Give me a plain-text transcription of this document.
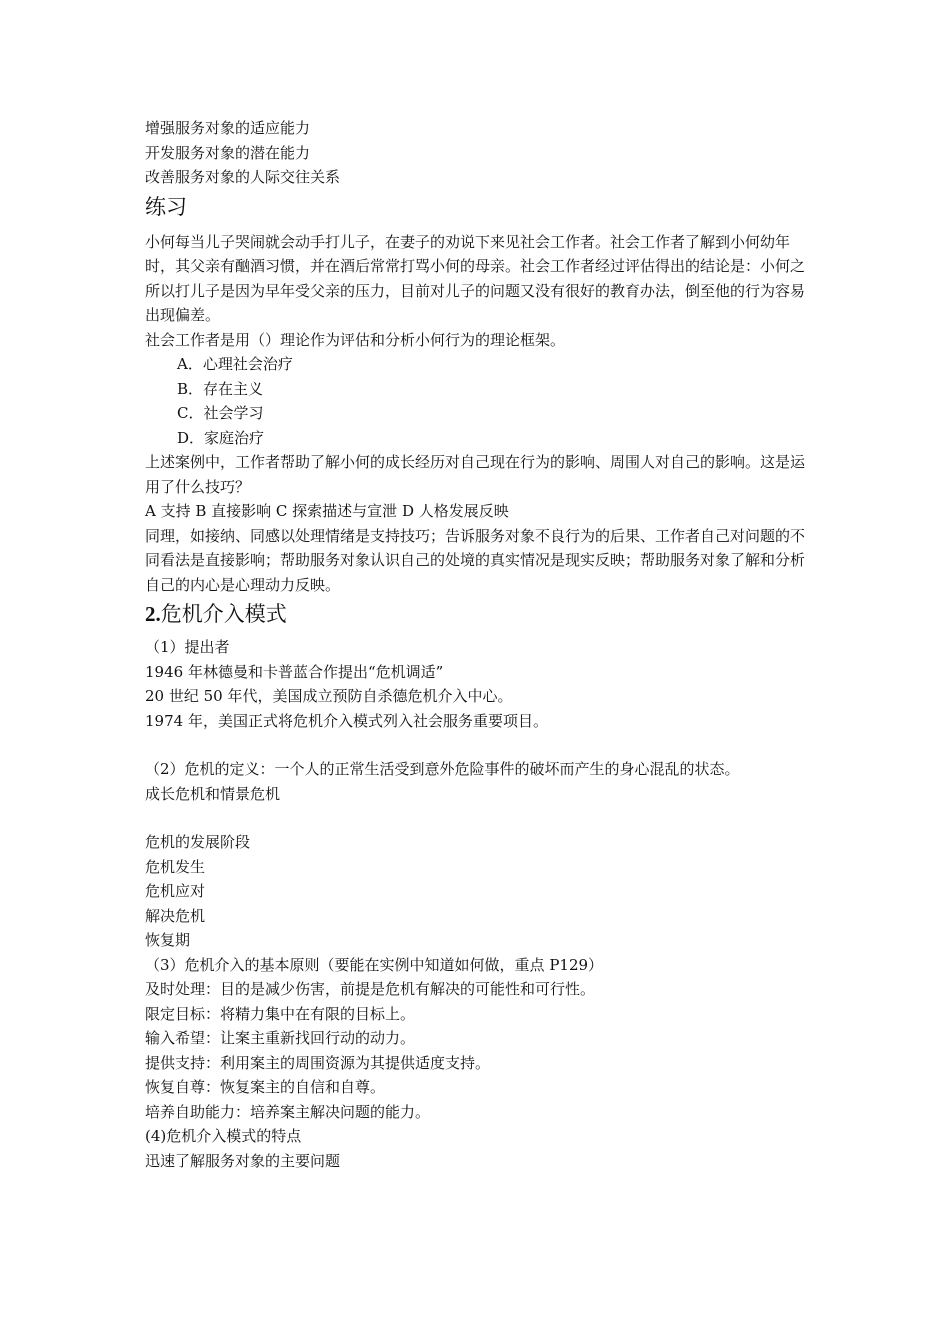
增强服务对象的适应能力

开发服务对象的潜在能力

改善服务对象的人际交往关系

练习

小何每当儿子哭闹就会动手打儿子，在妻子的劝说下来见社会工作者。社会工作者了解到小何幼年时，其父亲有酗酒习惯，并在酒后常常打骂小何的母亲。社会工作者经过评估得出的结论是：小何之所以打儿子是因为早年受父亲的压力，目前对儿子的问题又没有很好的教育办法，倒至他的行为容易出现偏差。

社会工作者是用（）理论作为评估和分析小何行为的理论框架。

A．心理社会治疗

B．存在主义

C．社会学习

D．家庭治疗

上述案例中，工作者帮助了解小何的成长经历对自己现在行为的影响、周围人对自己的影响。这是运用了什么技巧？

A 支持 B 直接影响 C 探索描述与宣泄 D 人格发展反映

同理，如接纳、同感以处理情绪是支持技巧；告诉服务对象不良行为的后果、工作者自己对问题的不同看法是直接影响；帮助服务对象认识自己的处境的真实情况是现实反映；帮助服务对象了解和分析自己的内心是心理动力反映。

2.危机介入模式

（1）提出者

1946 年林德曼和卡普蓝合作提出“危机调适”

20 世纪 50 年代，美国成立预防自杀德危机介入中心。

1974 年，美国正式将危机介入模式列入社会服务重要项目。

（2）危机的定义：一个人的正常生活受到意外危险事件的破坏而产生的身心混乱的状态。

成长危机和情景危机

危机的发展阶段

危机发生

危机应对

解决危机

恢复期

（3）危机介入的基本原则（要能在实例中知道如何做，重点 P129）

及时处理：目的是减少伤害，前提是危机有解决的可能性和可行性。

限定目标：将精力集中在有限的目标上。

输入希望：让案主重新找回行动的动力。

提供支持：利用案主的周围资源为其提供适度支持。

恢复自尊：恢复案主的自信和自尊。

培养自助能力：培养案主解决问题的能力。

(4)危机介入模式的特点

迅速了解服务对象的主要问题
